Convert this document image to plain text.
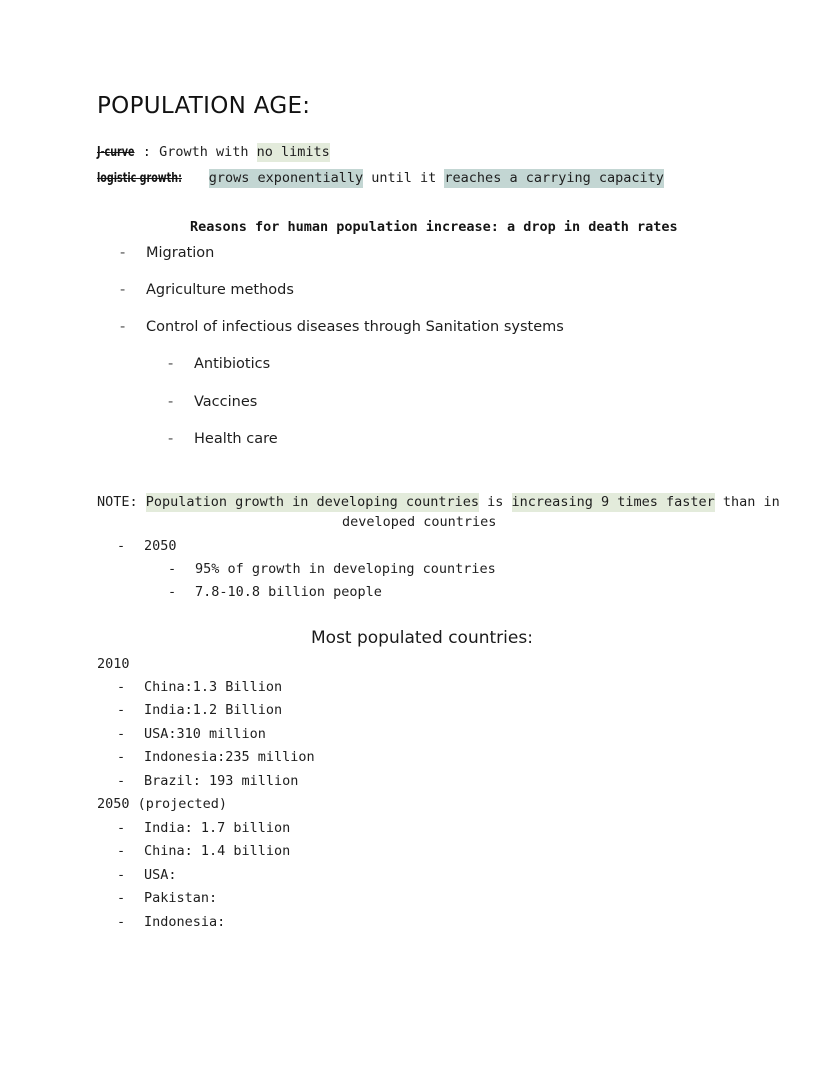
POPULATION AGE:
J-curve : Growth with no limits
logistic growth: grows exponentially until it reaches a carrying capacity
Reasons for human population increase: a drop in death rates
- Migration
- Agriculture methods
- Control of infectious diseases through Sanitation systems
- Antibiotics
- Vaccines
- Health care
NOTE: Population growth in developing countries is increasing 9 times faster than in
developed countries
- 2050
- 95% of growth in developing countries
- 7.8-10.8 billion people
Most populated countries:
2010
- China:1.3 Billion
- India:1.2 Billion
- USA:310 million
- Indonesia:235 million
- Brazil: 193 million
2050 (projected)
- India: 1.7 billion
- China: 1.4 billion
- USA:
- Pakistan:
- Indonesia:
